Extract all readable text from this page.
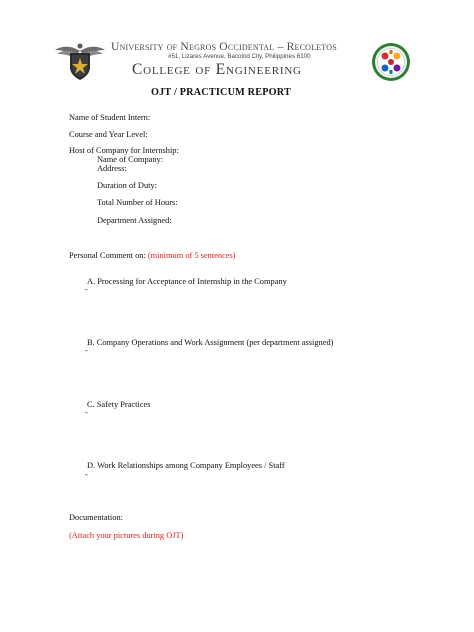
University of Negros Occidental – Recoletos
#51, Lizares Avenue, Bacolod City, Philippines 6100
College of Engineering
OJT / PRACTICUM REPORT
Name of Student Intern:
Course and Year Level:
Host of Company for Internship:
Name of Company:
Address:
Duration of Duty:
Total Number of Hours:
Department Assigned:
Personal Comment on: (minimum of 5 sentences)
A. Processing for Acceptance of Internship in the Company
-
B. Company Operations and Work Assignment (per department assigned)
-
C. Safety Practices
-
D. Work Relationships among Company Employees / Staff
-
Documentation:
(Attach your pictures during OJT)
